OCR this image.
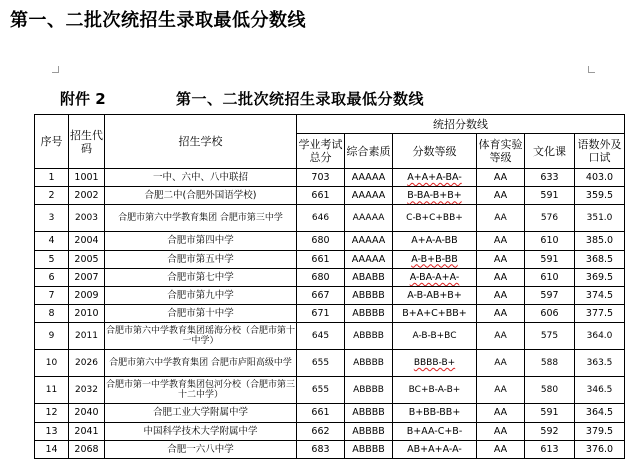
第一、二批次统招生录取最低分数线
附件 2	第一、二批次统招生录取最低分数线
序号	招生代码	招生学校	统招分数线					
			学业考试总分	综合素质	分数等级	体育实验等级	文化课	语数外及口试
1	1001	一中、六中、八中联招	703	AAAAA	A+A+A-BA-	AA	633	403.0
2	2002	合肥二中(合肥外国语学校)	661	AAAAA	B-BA-B+B+	AA	591	359.5
3	2003	合肥市第六中学教育集团 合肥市第三中学	646	AAAAA	C-B+C+BB+	AA	576	351.0
4	2004	合肥市第四中学	680	AAAAA	A+A-A-BB	AA	610	385.0
5	2005	合肥市第五中学	661	AAAAA	A-B+B-BB	AA	591	368.5
6	2007	合肥市第七中学	680	ABABB	A-BA-A+A-	AA	610	369.5
7	2009	合肥市第九中学	667	ABBBB	A-B-AB+B+	AA	597	374.5
8	2010	合肥市第十中学	671	ABBBB	B+A+C+BB+	AA	606	377.5
9	2011	合肥市第六中学教育集团瑶海分校（合肥市第十一中学）	645	ABBBB	A-B-B+BC	AA	575	364.0
10	2026	合肥市第六中学教育集团 合肥市庐阳高级中学	655	ABBBB	BBBB-B+	AA	588	363.5
11	2032	合肥市第一中学教育集团包河分校（合肥市第三十二中学）	655	ABBBB	BC+B-A-B+	AA	580	346.5
12	2040	合肥工业大学附属中学	661	ABBBB	B+BB-BB+	AA	591	364.5
13	2041	中国科学技术大学附属中学	662	ABBBB	B+AA-C+B-	AA	592	379.5
14	2068	合肥一六八中学	683	ABBBB	AB+A+A-A-	AA	613	376.0
